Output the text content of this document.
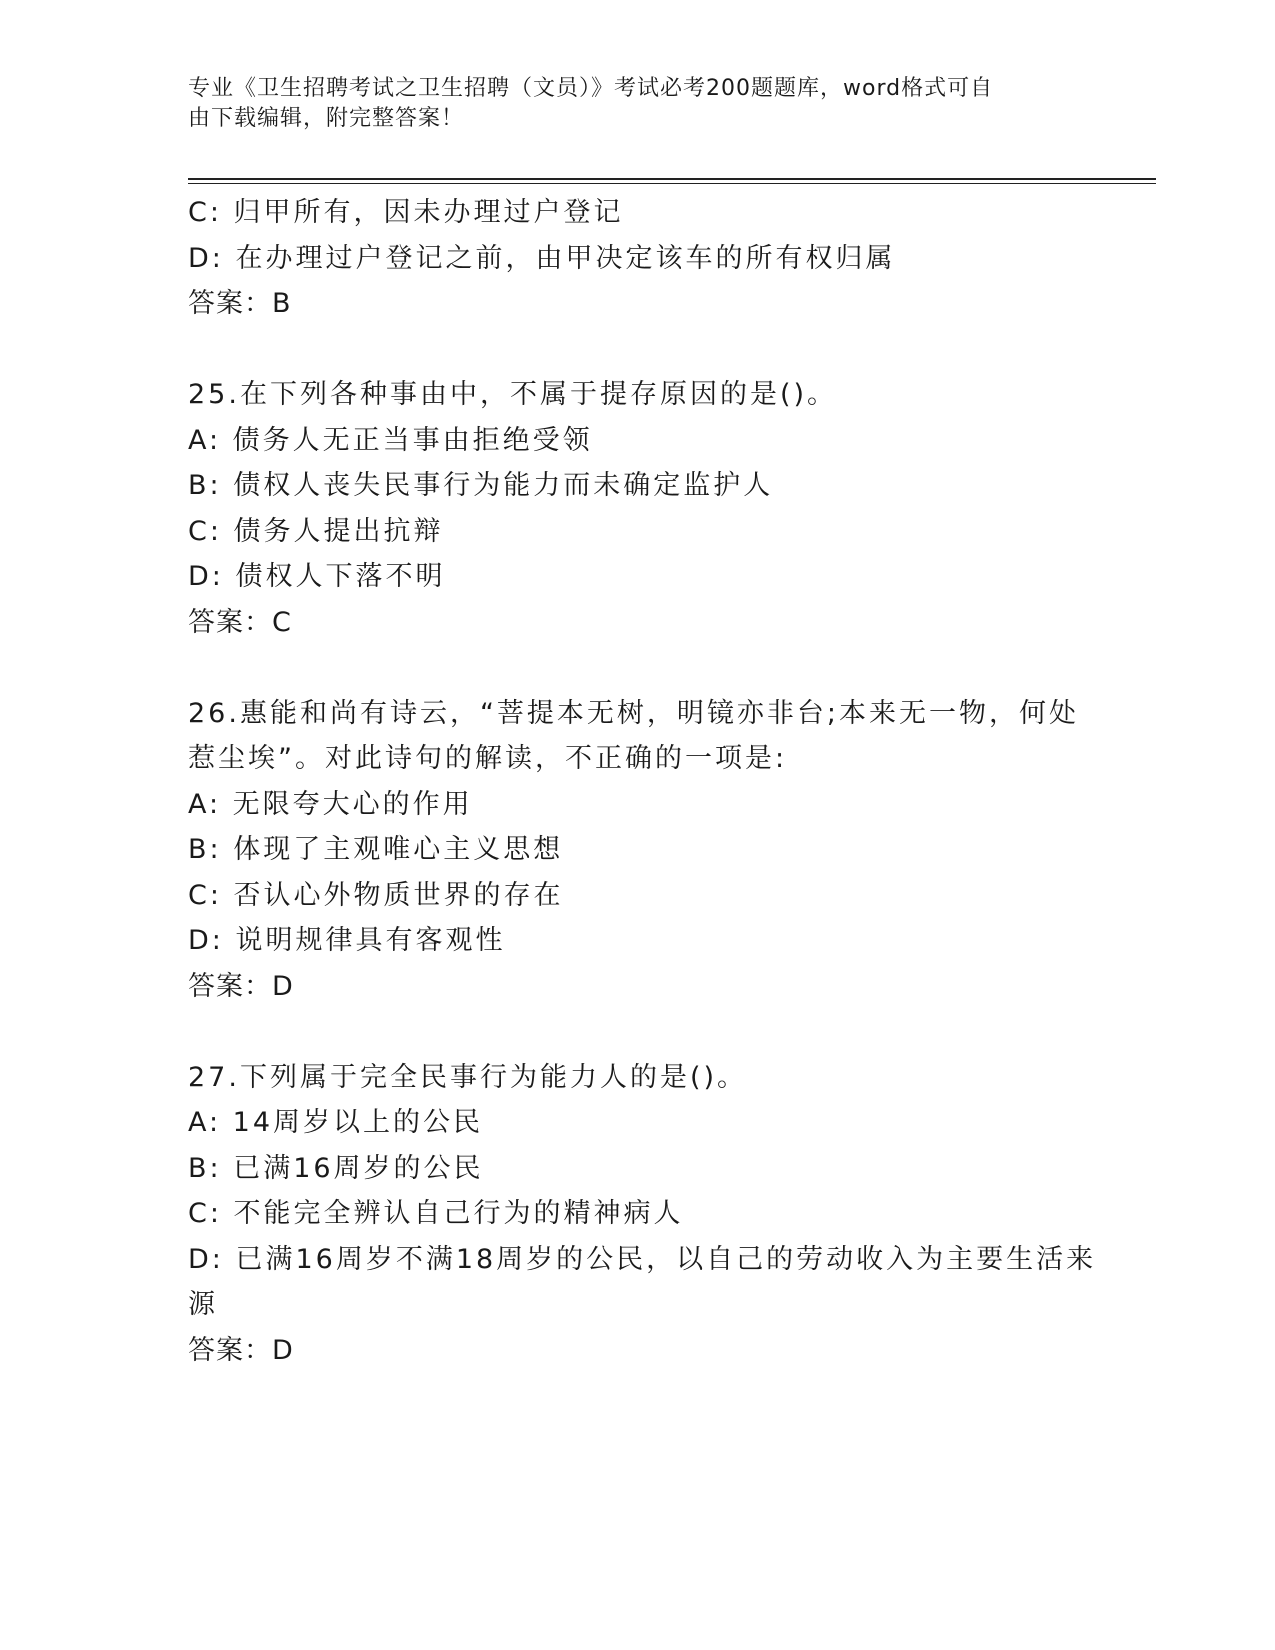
专业《卫生招聘考试之卫生招聘（文员）》考试必考200题题库，word格式可自
由下载编辑，附完整答案！
C: 归甲所有，因未办理过户登记
D: 在办理过户登记之前，由甲决定该车的所有权归属
答案：B
25.在下列各种事由中，不属于提存原因的是()。
A: 债务人无正当事由拒绝受领
B: 债权人丧失民事行为能力而未确定监护人
C: 债务人提出抗辩
D: 债权人下落不明
答案：C
26.惠能和尚有诗云，“菩提本无树，明镜亦非台;本来无一物，何处
惹尘埃”。对此诗句的解读，不正确的一项是:
A: 无限夸大心的作用
B: 体现了主观唯心主义思想
C: 否认心外物质世界的存在
D: 说明规律具有客观性
答案：D
27.下列属于完全民事行为能力人的是()。
A: 14周岁以上的公民
B: 已满16周岁的公民
C: 不能完全辨认自己行为的精神病人
D: 已满16周岁不满18周岁的公民，以自己的劳动收入为主要生活来
源
答案：D
